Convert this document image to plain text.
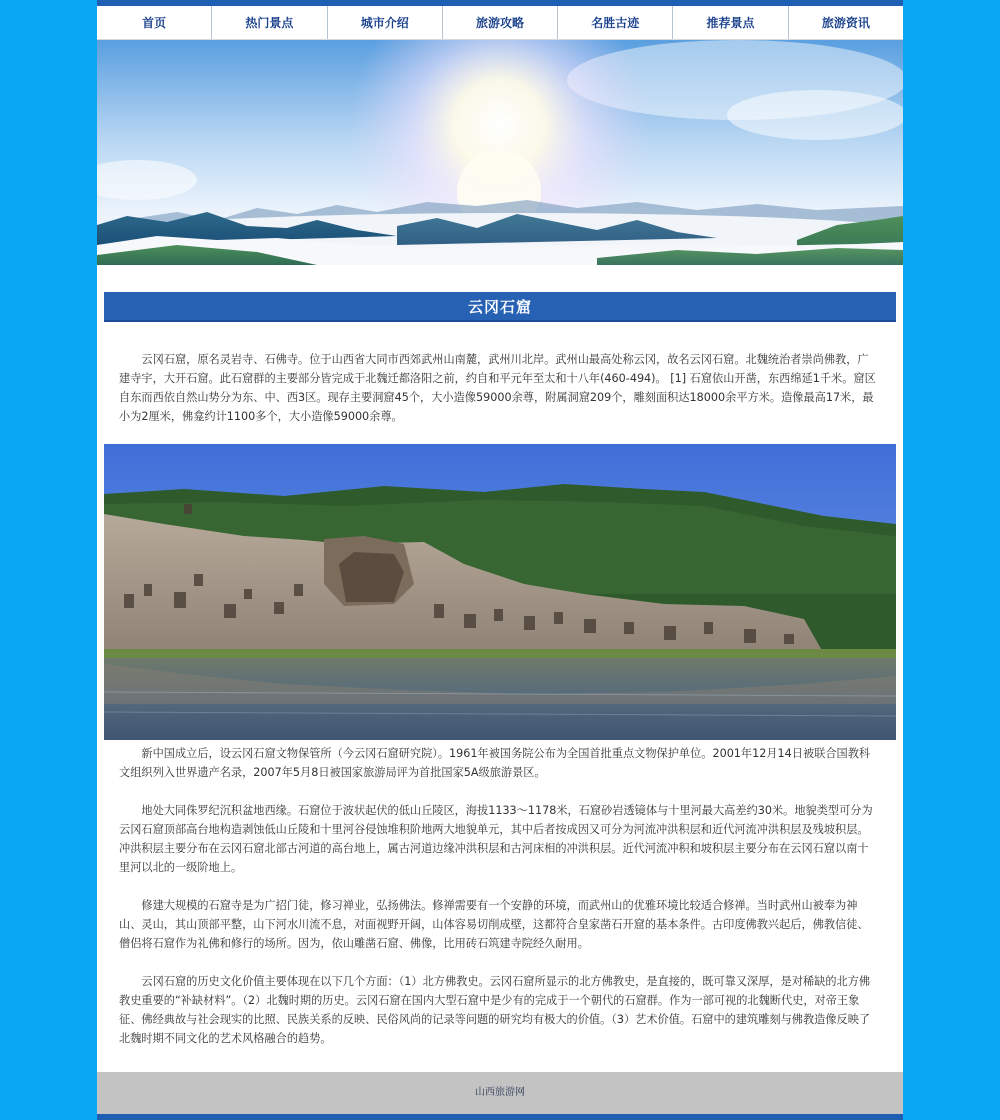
首页	热门景点	城市介绍	旅游攻略	名胜古迹	推荐景点	旅游资讯
云冈石窟

云冈石窟，原名灵岩寺、石佛寺。位于山西省大同市西郊武州山南麓，武州川北岸。武州山最高处称云冈，故名云冈石窟。北魏统治者崇尚佛教，广建寺宇，大开石窟。此石窟群的主要部分皆完成于北魏迁都洛阳之前，约自和平元年至太和十八年(460-494)。 [1] 石窟依山开凿，东西绵延1千米。窟区自东而西依自然山势分为东、中、西3区。现存主要洞窟45个，大小造像59000余尊，附属洞窟209个，雕刻面积达18000余平方米。造像最高17米，最小为2厘米，佛龛约计1100多个，大小造像59000余尊。

新中国成立后，设云冈石窟文物保管所（今云冈石窟研究院）。1961年被国务院公布为全国首批重点文物保护单位。2001年12月14日被联合国教科文组织列入世界遗产名录，2007年5月8日被国家旅游局评为首批国家5A级旅游景区。

地处大同侏罗纪沉积盆地西缘。石窟位于波状起伏的低山丘陵区，海拔1133～1178米，石窟砂岩透镜体与十里河最大高差约30米。地貌类型可分为云冈石窟顶部高台地构造剥蚀低山丘陵和十里河谷侵蚀堆积阶地两大地貌单元，其中后者按成因又可分为河流冲洪积层和近代河流冲洪积层及残坡积层。冲洪积层主要分布在云冈石窟北部古河道的高台地上，属古河道边缘冲洪积层和古河床相的冲洪积层。近代河流冲积和坡积层主要分布在云冈石窟以南十里河以北的一级阶地上。

修建大规模的石窟寺是为广招门徒，修习禅业，弘扬佛法。修禅需要有一个安静的环境，而武州山的优雅环境比较适合修禅。当时武州山被奉为神山、灵山，其山顶部平整，山下河水川流不息，对面视野开阔，山体容易切削成壁，这都符合皇家凿石开窟的基本条件。古印度佛教兴起后，佛教信徒、僧侣将石窟作为礼佛和修行的场所。因为，依山雕凿石窟、佛像，比用砖石筑建寺院经久耐用。

云冈石窟的历史文化价值主要体现在以下几个方面：（1）北方佛教史。云冈石窟所显示的北方佛教史，是直接的，既可靠又深厚，是对稀缺的北方佛教史重要的“补缺材料”。（2）北魏时期的历史。云冈石窟在国内大型石窟中是少有的完成于一个朝代的石窟群。作为一部可视的北魏断代史，对帝王象征、佛经典故与社会现实的比照、民族关系的反映、民俗风尚的记录等问题的研究均有极大的价值。（3）艺术价值。石窟中的建筑雕刻与佛教造像反映了北魏时期不同文化的艺术风格融合的趋势。

山西旅游网
